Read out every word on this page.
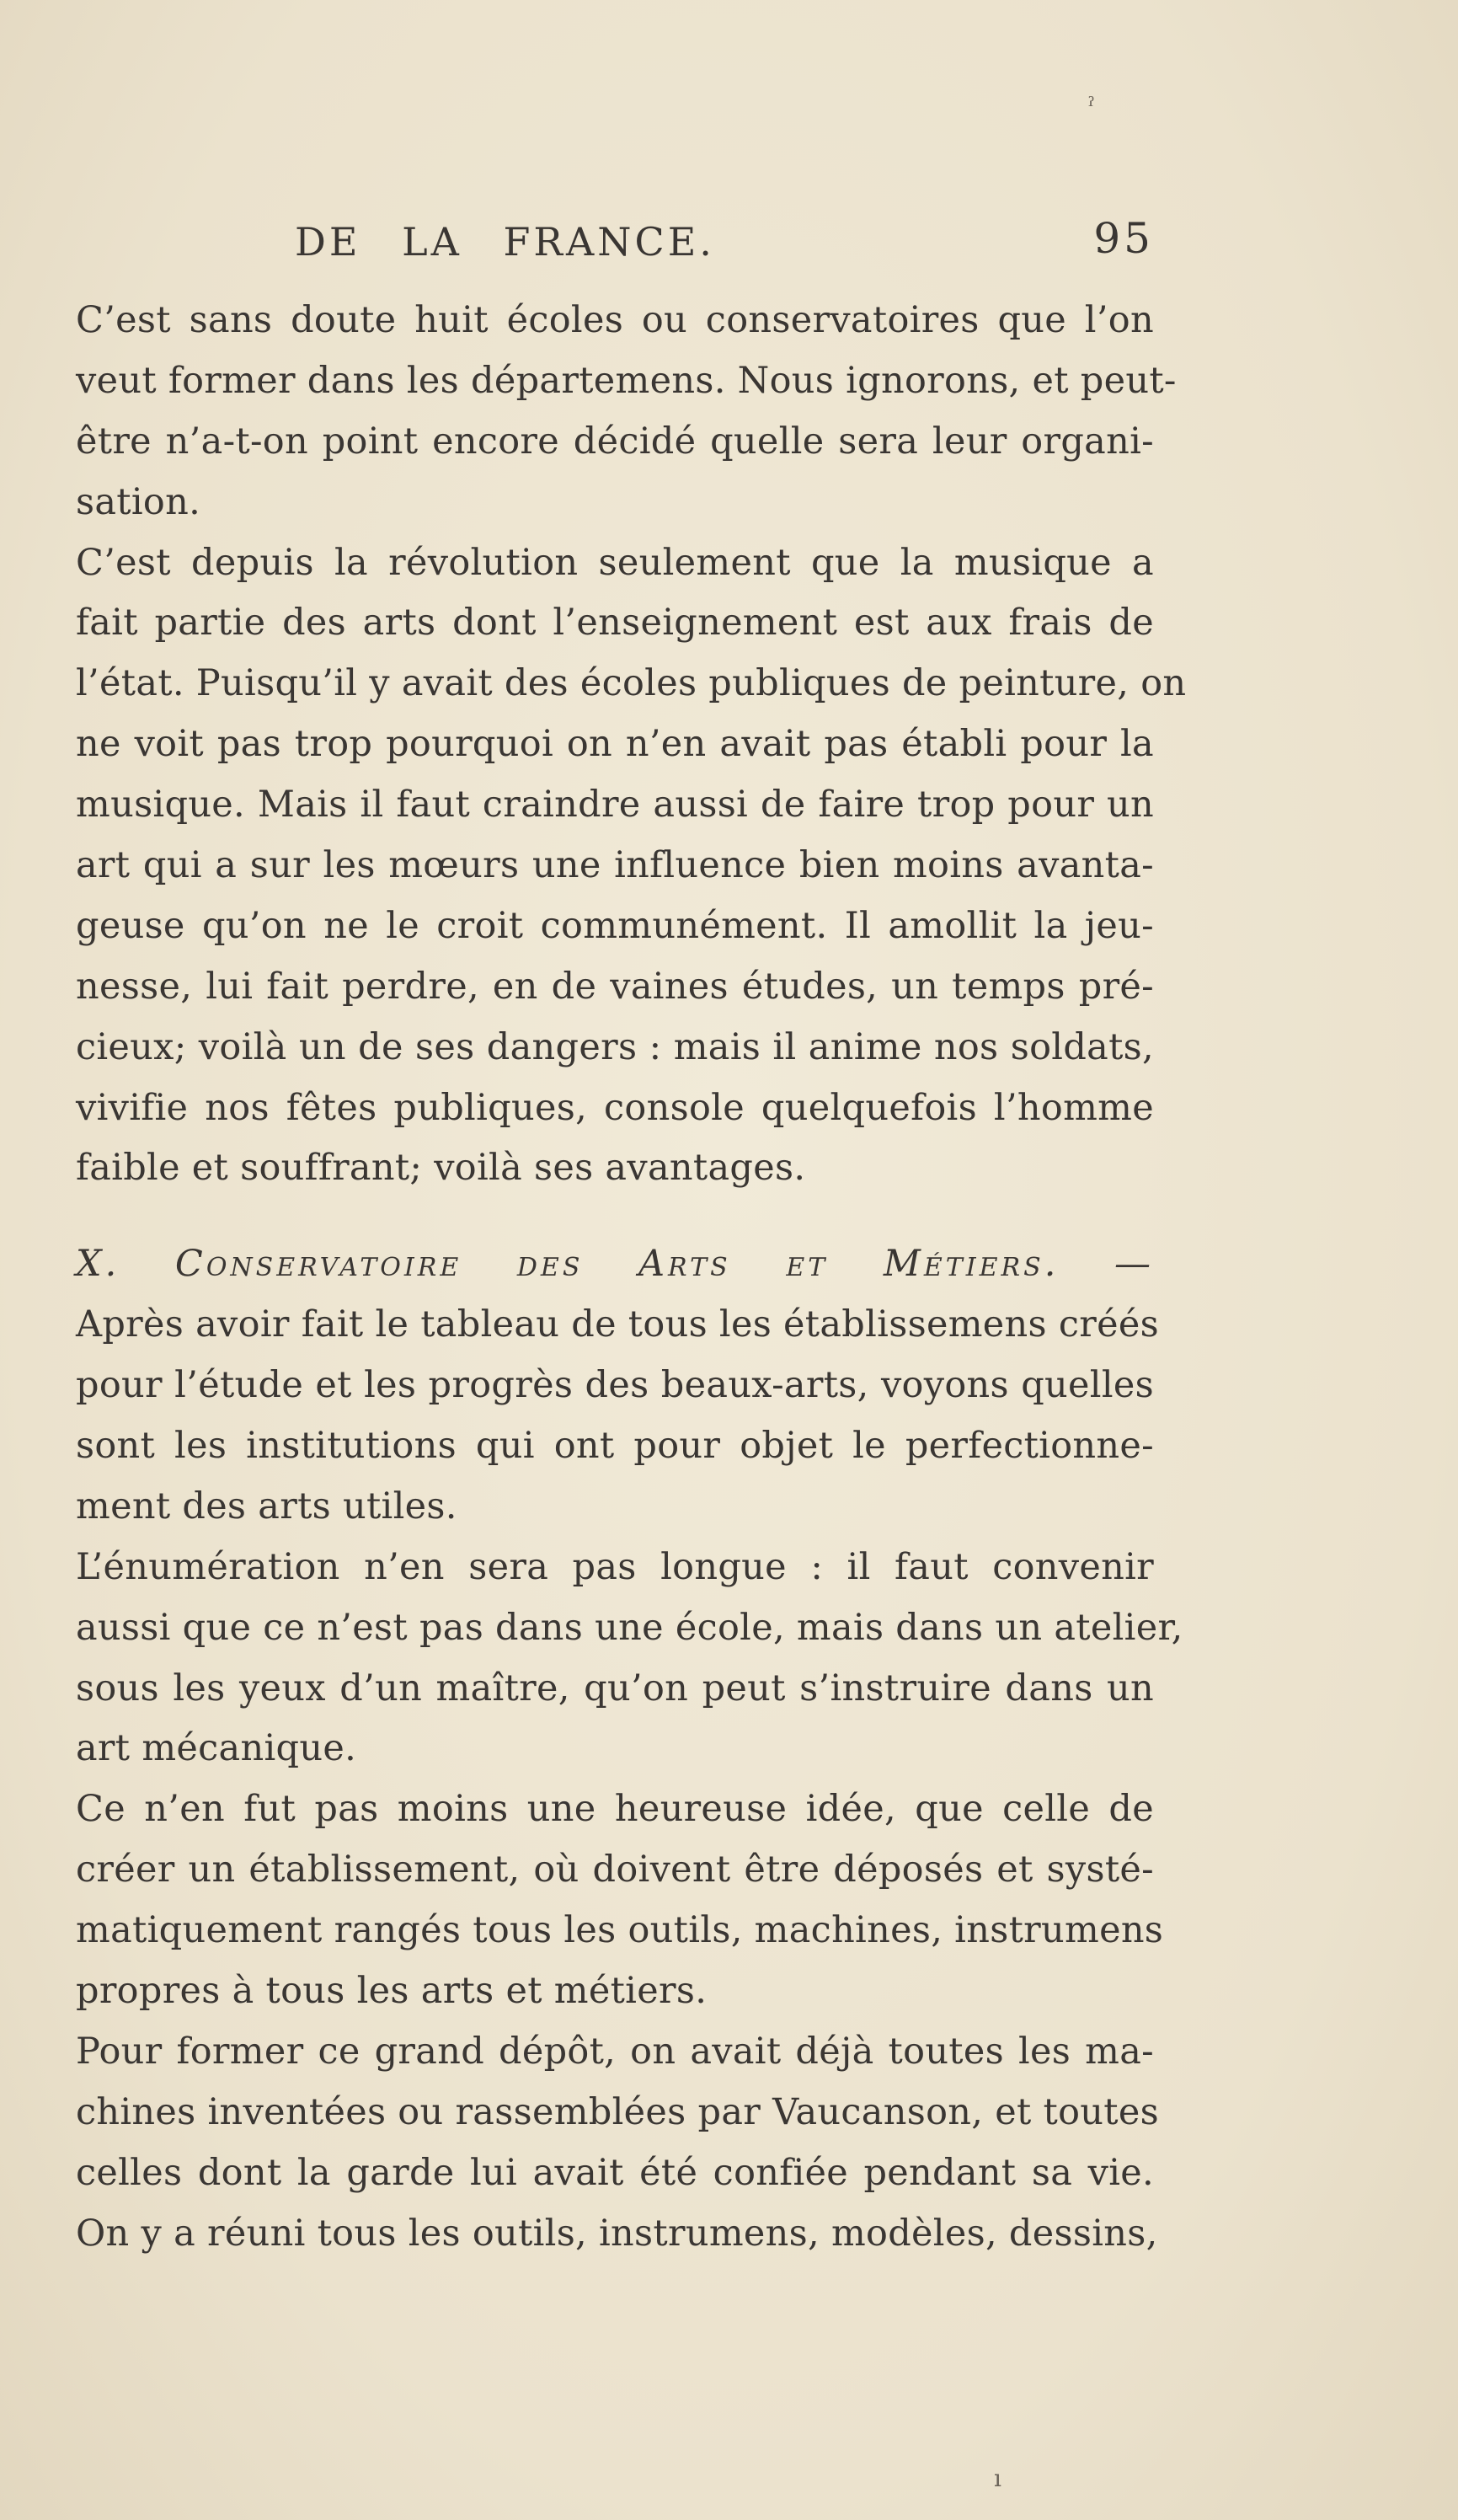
ˀ
DE LA FRANCE.	95
C’est sans doute huit écoles ou conservatoires que l’on
veut former dans les départemens. Nous ignorons, et peut-
être n’a-t-on point encore décidé quelle sera leur organi-
sation.
C’est depuis la révolution seulement que la musique a
fait partie des arts dont l’enseignement est aux frais de
l’état. Puisqu’il y avait des écoles publiques de peinture, on
ne voit pas trop pourquoi on n’en avait pas établi pour la
musique. Mais il faut craindre aussi de faire trop pour un
art qui a sur les mœurs une influence bien moins avanta-
geuse qu’on ne le croit communément. Il amollit la jeu-
nesse, lui fait perdre, en de vaines études, un temps pré-
cieux; voilà un de ses dangers : mais il anime nos soldats,
vivifie nos fêtes publiques, console quelquefois l’homme
faible et souffrant; voilà ses avantages.
X. Conservatoire des Arts et Métiers. —
Après avoir fait le tableau de tous les établissemens créés
pour l’étude et les progrès des beaux-arts, voyons quelles
sont les institutions qui ont pour objet le perfectionne-
ment des arts utiles.
L’énumération n’en sera pas longue : il faut convenir
aussi que ce n’est pas dans une école, mais dans un atelier,
sous les yeux d’un maître, qu’on peut s’instruire dans un
art mécanique.
Ce n’en fut pas moins une heureuse idée, que celle de
créer un établissement, où doivent être déposés et systé-
matiquement rangés tous les outils, machines, instrumens
propres à tous les arts et métiers.
Pour former ce grand dépôt, on avait déjà toutes les ma-
chines inventées ou rassemblées par Vaucanson, et toutes
celles dont la garde lui avait été confiée pendant sa vie.
On y a réuni tous les outils, instrumens, modèles, dessins,
ı
